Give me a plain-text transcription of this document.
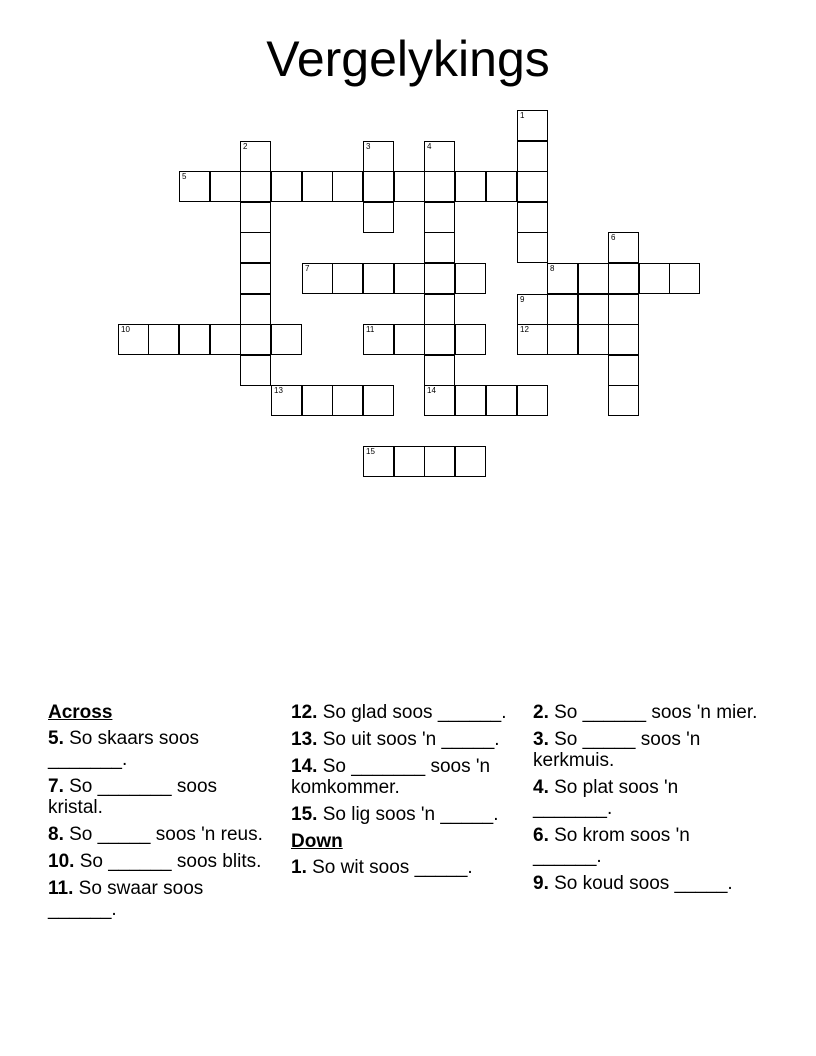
Vergelykings
1
2	3	4
5
6
7	8
9
10	11	12
13	14
15
Across
5. So skaars soos _______.
7. So _______ soos kristal.
8. So _____ soos 'n reus.
10. So ______ soos blits.
11. So swaar soos ______.
12. So glad soos ______.
13. So uit soos 'n _____.
14. So _______ soos 'n komkommer.
15. So lig soos 'n _____.
Down
1. So wit soos _____.
2. So ______ soos 'n mier.
3. So _____ soos 'n kerkmuis.
4. So plat soos 'n _______.
6. So krom soos 'n ______.
9. So koud soos _____.
